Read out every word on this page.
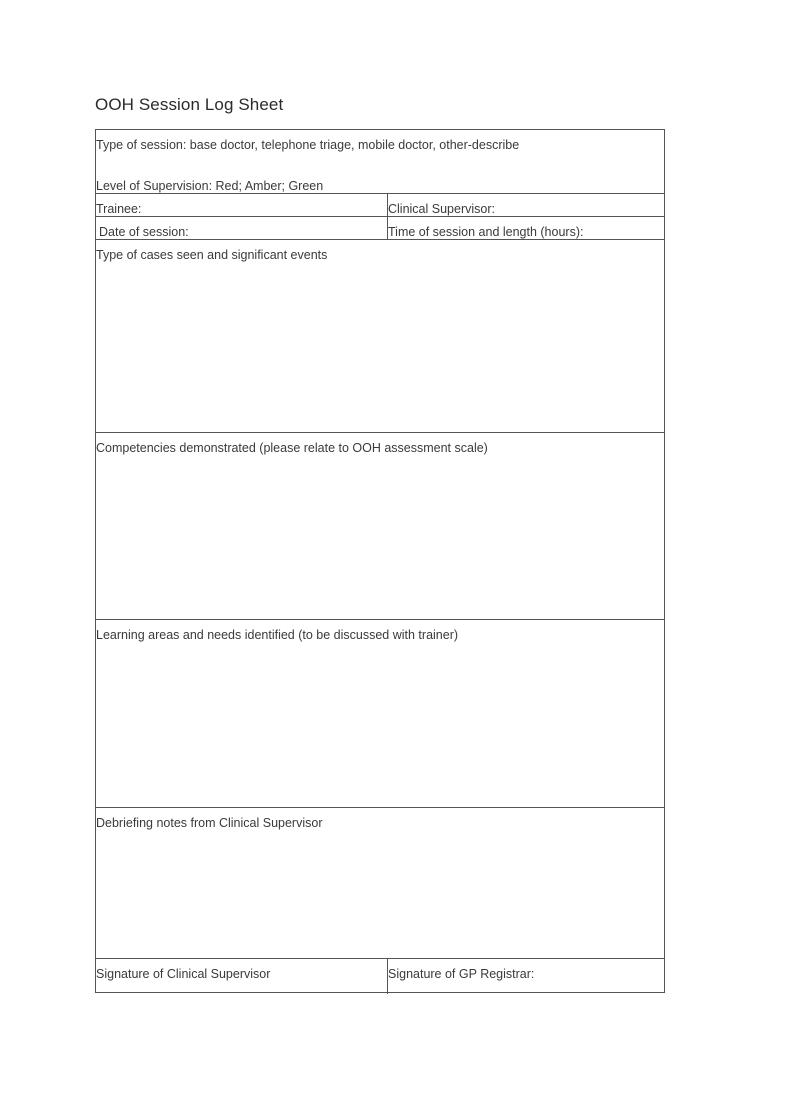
OOH Session Log Sheet
Type of session: base doctor, telephone triage, mobile doctor, other-describe
Level of Supervision: Red; Amber; Green
Trainee:	Clinical Supervisor:
Date of session:	Time of session and length (hours):
Type of cases seen and significant events
Competencies demonstrated (please relate to OOH assessment scale)
Learning areas and needs identified (to be discussed with trainer)
Debriefing notes from Clinical Supervisor
Signature of Clinical Supervisor	Signature of GP Registrar:
